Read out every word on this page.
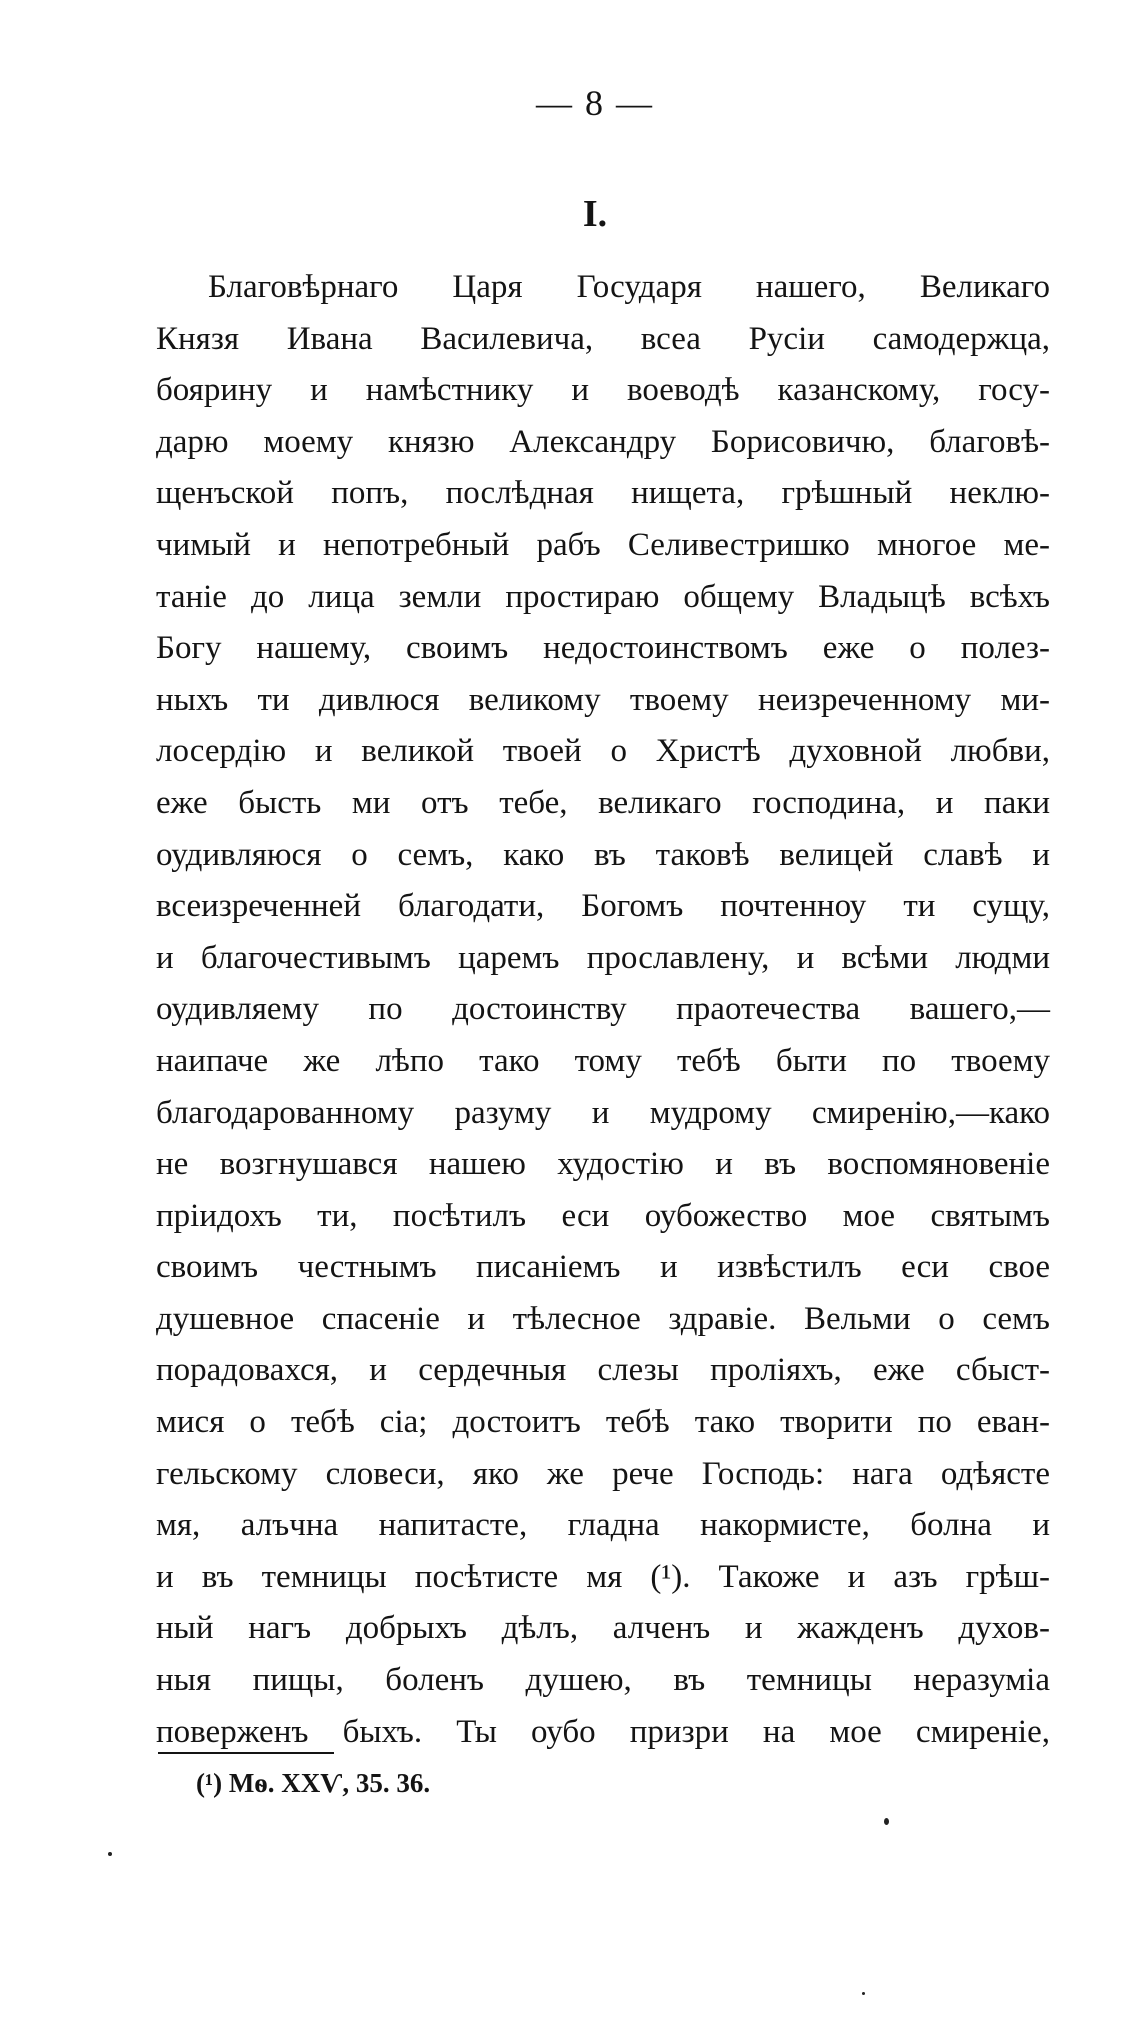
— 8 —
I.
Благовѣрнаго Царя Государя нашего, Великаго
Князя Ивана Василевича, всеа Русіи самодержца,
боярину и намѣстнику и воеводѣ казанскому, госу-
дарю моему князю Александру Борисовичю, благовѣ-
щенъской попъ, послѣдная нищета, грѣшный неклю-
чимый и непотребный рабъ Селивестришко многое ме-
таніе до лица земли простираю общему Владыцѣ всѣхъ
Богу нашему, своимъ недостоинствомъ еже о полез-
ныхъ ти дивлюся великому твоему неизреченному ми-
лосердію и великой твоей о Христѣ духовной любви,
еже бысть ми отъ тебе, великаго господина, и паки
оудивляюся о семъ, како въ таковѣ велицей славѣ и
всеизреченней благодати, Богомъ почтенноу ти сущу,
и благочестивымъ царемъ прославлену, и всѣми людми
оудивляему по достоинству праотечества вашего,—
наипаче же лѣпо тако тому тебѣ быти по твоему
благодарованному разуму и мудрому смиренію,—како
не возгнушався нашею худостію и въ воспомяновеніе
пріидохъ ти, посѣтилъ еси оубожество мое святымъ
своимъ честнымъ писаніемъ и извѣстилъ еси свое
душевное спасеніе и тѣлесное здравіе. Вельми о семъ
порадовахся, и сердечныя слезы проліяхъ, еже сбыст-
мися о тебѣ сіа; достоитъ тебѣ тако творити по еван-
гельскому словеси, яко же рече Господь: нага одѣясте
мя, алъчна напитасте, гладна накормисте, болна и
и въ темницы посѣтисте мя (¹). Такоже и азъ грѣш-
ный нагъ добрыхъ дѣлъ, алченъ и жажденъ духов-
ныя пищы, боленъ душею, въ темницы неразуміа
поверженъ быхъ. Ты оубо призри на мое смиреніе,
(¹) Мѳ. XXѴ, 35. 36.
